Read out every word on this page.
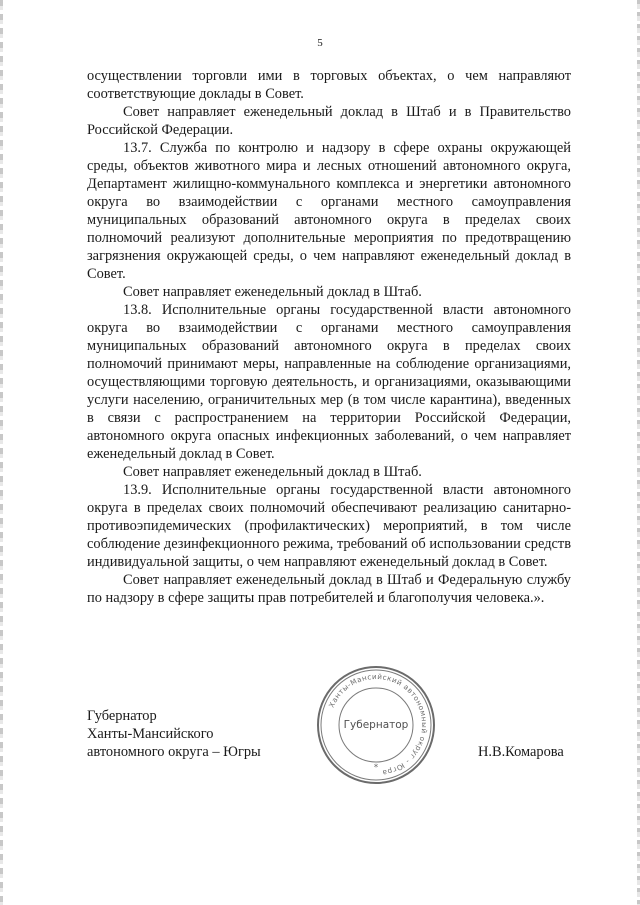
5

осуществлении торговли ими в торговых объектах, о чем направляют соответствующие доклады в Совет.

Совет направляет еженедельный доклад в Штаб и в Правительство Российской Федерации.

13.7. Служба по контролю и надзору в сфере охраны окружающей среды, объектов животного мира и лесных отношений автономного округа, Департамент жилищно-коммунального комплекса и энергетики автономного округа во взаимодействии с органами местного самоуправления муниципальных образований автономного округа в пределах своих полномочий реализуют дополнительные мероприятия по предотвращению загрязнения окружающей среды, о чем направляют еженедельный доклад в Совет.

Совет направляет еженедельный доклад в Штаб.

13.8. Исполнительные органы государственной власти автономного округа во взаимодействии с органами местного самоуправления муниципальных образований автономного округа в пределах своих полномочий принимают меры, направленные на соблюдение организациями, осуществляющими торговую деятельность, и организациями, оказывающими услуги населению, ограничительных мер (в том числе карантина), введенных в связи с распространением на территории Российской Федерации, автономного округа опасных инфекционных заболеваний, о чем направляет еженедельный доклад в Совет.

Совет направляет еженедельный доклад в Штаб.

13.9. Исполнительные органы государственной власти автономного округа в пределах своих полномочий обеспечивают реализацию санитарно-противоэпидемических (профилактических) мероприятий, в том числе соблюдение дезинфекционного режима, требований об использовании средств индивидуальной защиты, о чем направляют еженедельный доклад в Совет.

Совет направляет еженедельный доклад в Штаб и Федеральную службу по надзору в сфере защиты прав потребителей и благополучия человека.».

Губернатор
Ханты-Мансийского
автономного округа – Югры	Н.В.Комарова
Ханты-Мансийский автономный округ - Югра
*
Губернатор
